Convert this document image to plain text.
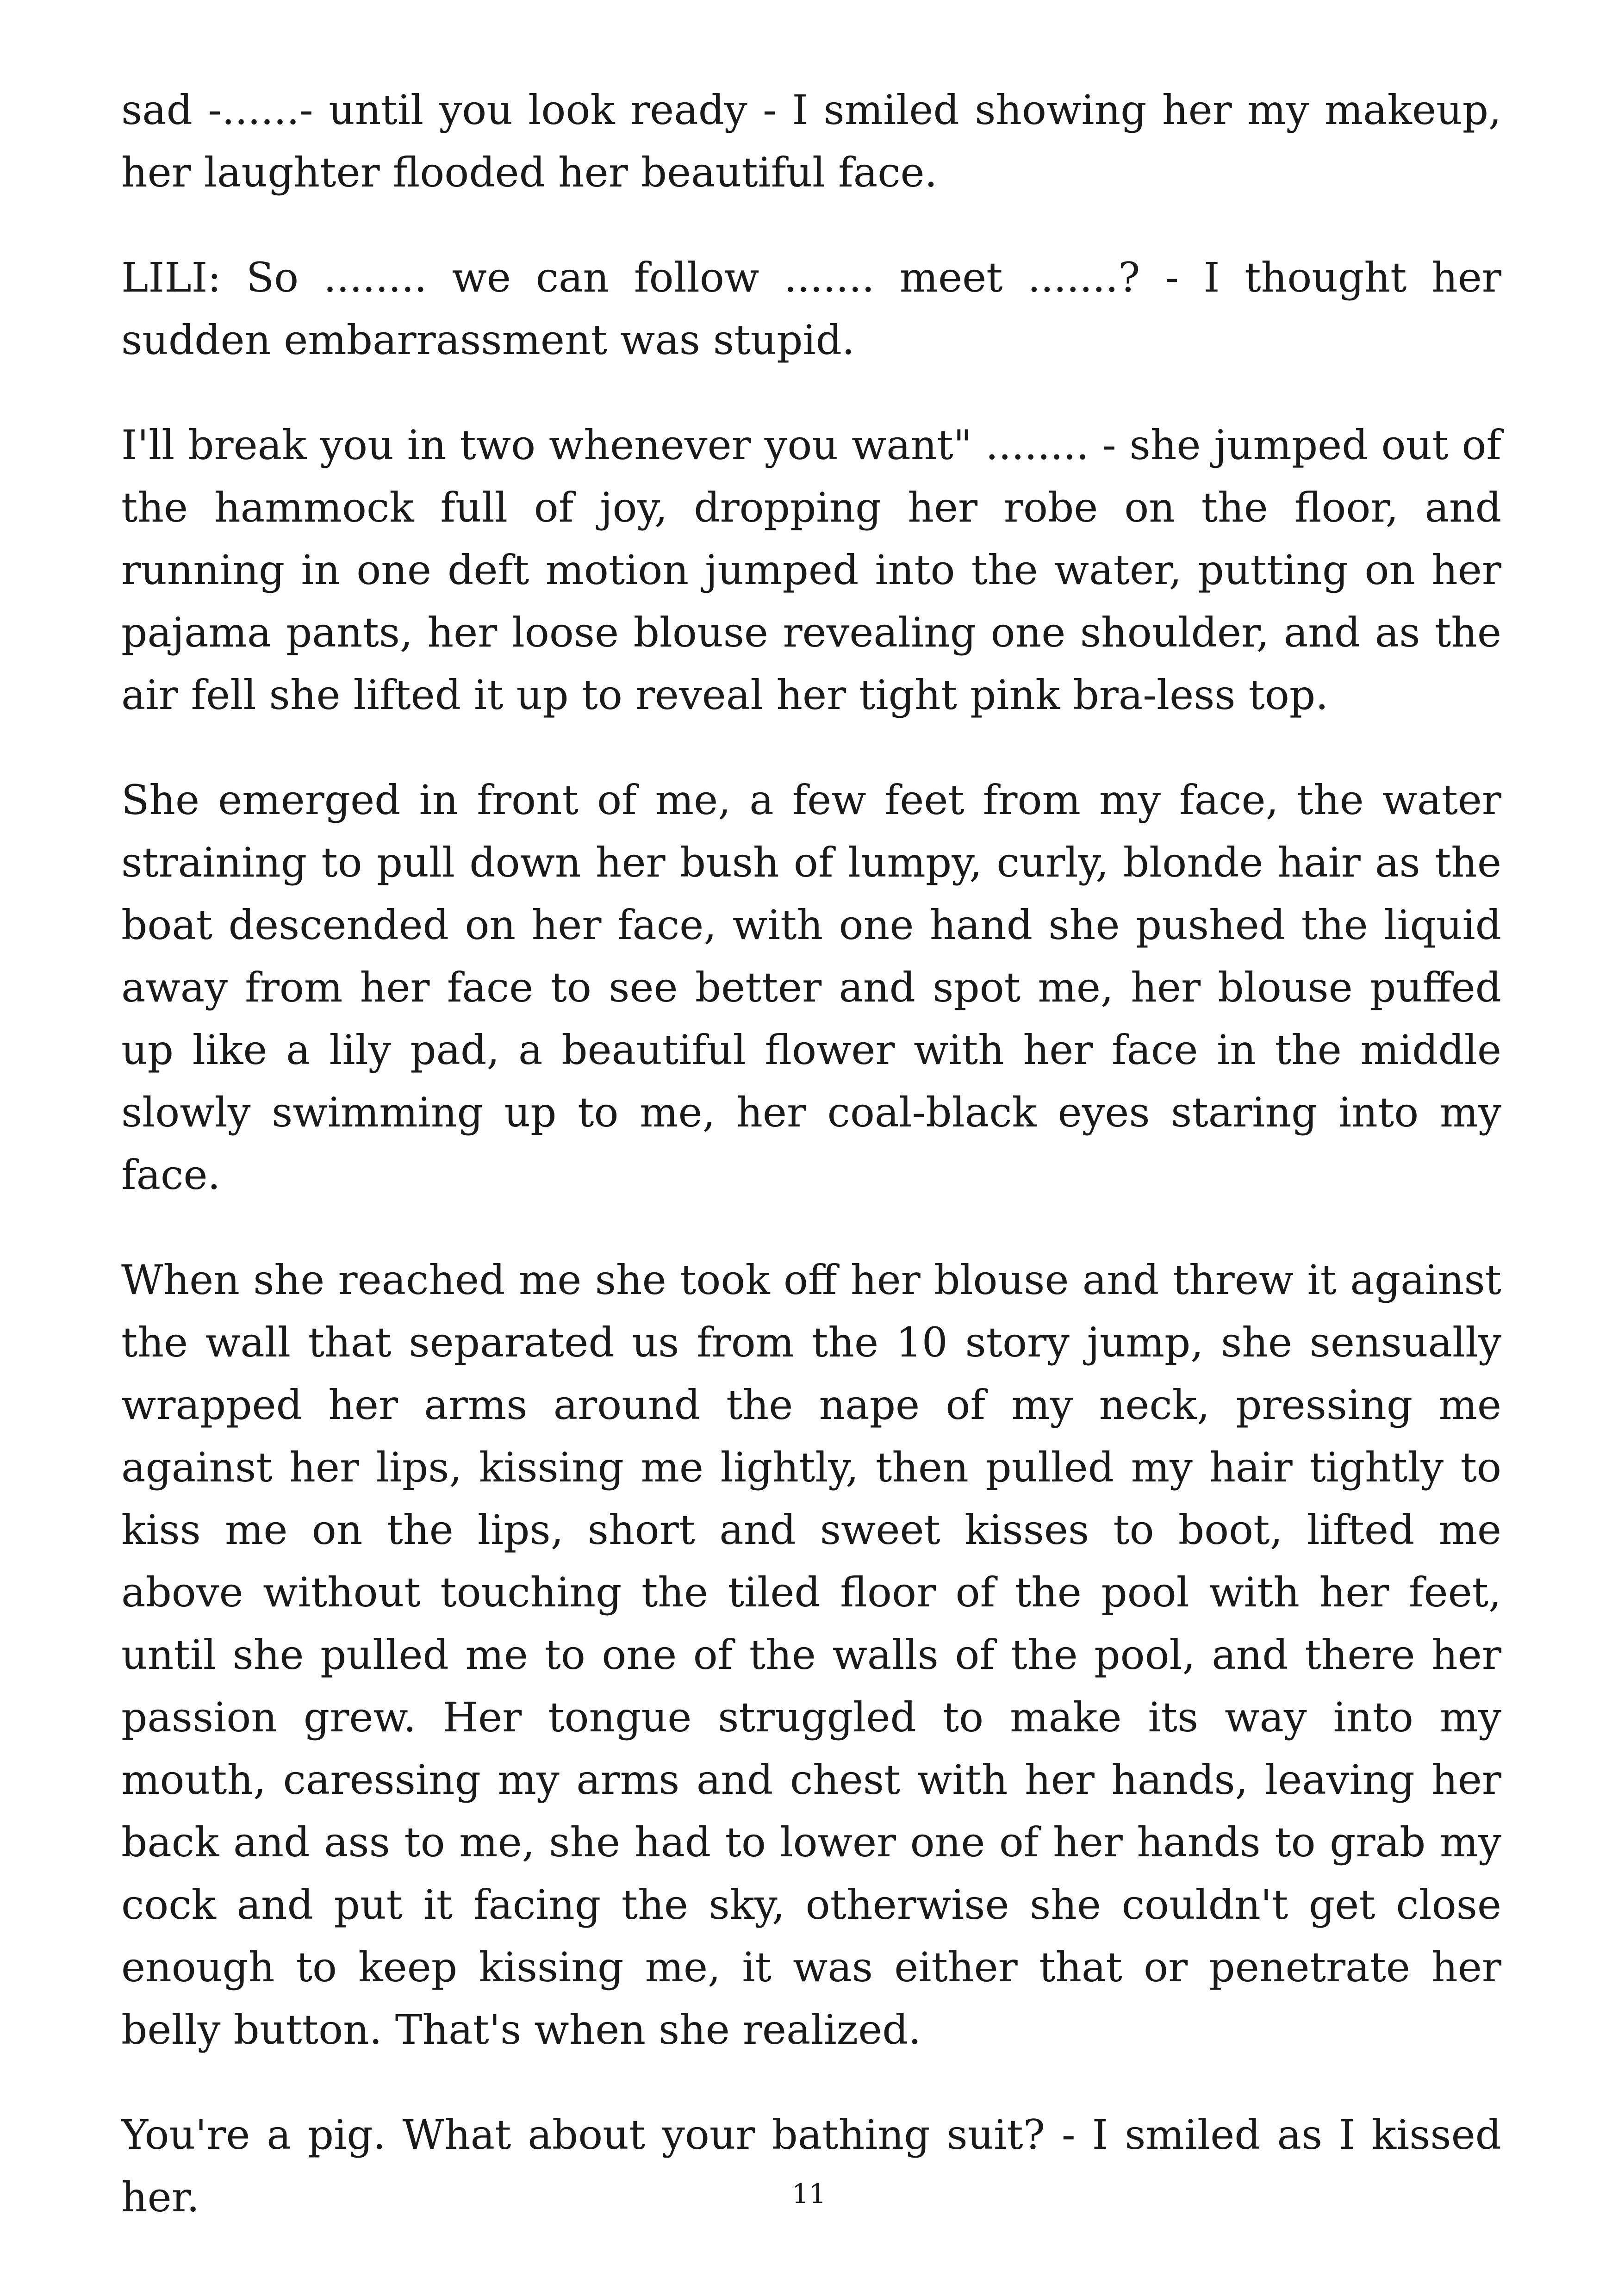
sad -......- until you look ready - I smiled showing her my makeup, her laughter flooded her beautiful face.

LILI: So ........ we can follow ....... meet .......? - I thought her sudden embarrassment was stupid.

I'll break you in two whenever you want" ........ - she jumped out of the hammock full of joy, dropping her robe on the floor, and running in one deft motion jumped into the water, putting on her pajama pants, her loose blouse revealing one shoulder, and as the air fell she lifted it up to reveal her tight pink bra-less top.

She emerged in front of me, a few feet from my face, the water straining to pull down her bush of lumpy, curly, blonde hair as the boat descended on her face, with one hand she pushed the liquid away from her face to see better and spot me, her blouse puffed up like a lily pad, a beautiful flower with her face in the middle slowly swimming up to me, her coal-black eyes staring into my face.

When she reached me she took off her blouse and threw it against the wall that separated us from the 10 story jump, she sensually wrapped her arms around the nape of my neck, pressing me against her lips, kissing me lightly, then pulled my hair tightly to kiss me on the lips, short and sweet kisses to boot, lifted me above without touching the tiled floor of the pool with her feet, until she pulled me to one of the walls of the pool, and there her passion grew. Her tongue struggled to make its way into my mouth, caressing my arms and chest with her hands, leaving her back and ass to me, she had to lower one of her hands to grab my cock and put it facing the sky, otherwise she couldn't get close enough to keep kissing me, it was either that or penetrate her belly button. That's when she realized.

You're a pig. What about your bathing suit? - I smiled as I kissed her.	11
